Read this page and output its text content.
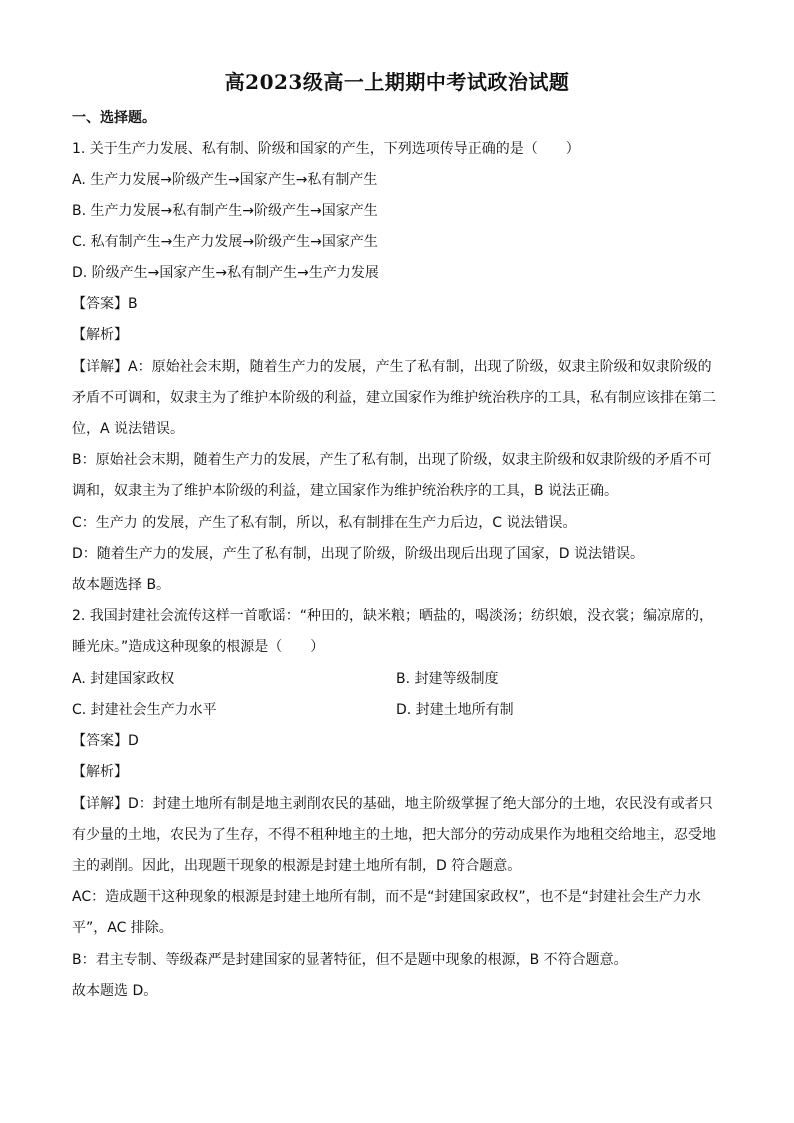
高2023级高一上期期中考试政治试题
一、选择题。
1. 关于生产力发展、私有制、阶级和国家的产生，下列选项传导正确的是（　　）
A. 生产力发展→阶级产生→国家产生→私有制产生
B. 生产力发展→私有制产生→阶级产生→国家产生
C. 私有制产生→生产力发展→阶级产生→国家产生
D. 阶级产生→国家产生→私有制产生→生产力发展
【答案】B
【解析】
【详解】A：原始社会末期，随着生产力的发展，产生了私有制，出现了阶级，奴隶主阶级和奴隶阶级的
矛盾不可调和，奴隶主为了维护本阶级的利益，建立国家作为维护统治秩序的工具，私有制应该排在第二
位，A 说法错误。
B：原始社会末期，随着生产力的发展，产生了私有制，出现了阶级，奴隶主阶级和奴隶阶级的矛盾不可
调和，奴隶主为了维护本阶级的利益，建立国家作为维护统治秩序的工具，B 说法正确。
C：生产力 的发展，产生了私有制，所以，私有制排在生产力后边，C 说法错误。
D：随着生产力的发展，产生了私有制，出现了阶级，阶级出现后出现了国家，D 说法错误。
故本题选择 B。
2. 我国封建社会流传这样一首歌谣：“种田的，缺米粮；晒盐的，喝淡汤；纺织娘，没衣裳；编凉席的，
睡光床。”造成这种现象的根源是（　　）
A. 封建国家政权	B. 封建等级制度
C. 封建社会生产力水平	D. 封建土地所有制
【答案】D
【解析】
【详解】D：封建土地所有制是地主剥削农民的基础，地主阶级掌握了绝大部分的土地，农民没有或者只
有少量的土地，农民为了生存，不得不租种地主的土地，把大部分的劳动成果作为地租交给地主，忍受地
主的剥削。因此，出现题干现象的根源是封建土地所有制，D 符合题意。
AC：造成题干这种现象的根源是封建土地所有制，而不是“封建国家政权”，也不是“封建社会生产力水
平”，AC 排除。
B：君主专制、等级森严是封建国家的显著特征，但不是题中现象的根源，B 不符合题意。
故本题选 D。
